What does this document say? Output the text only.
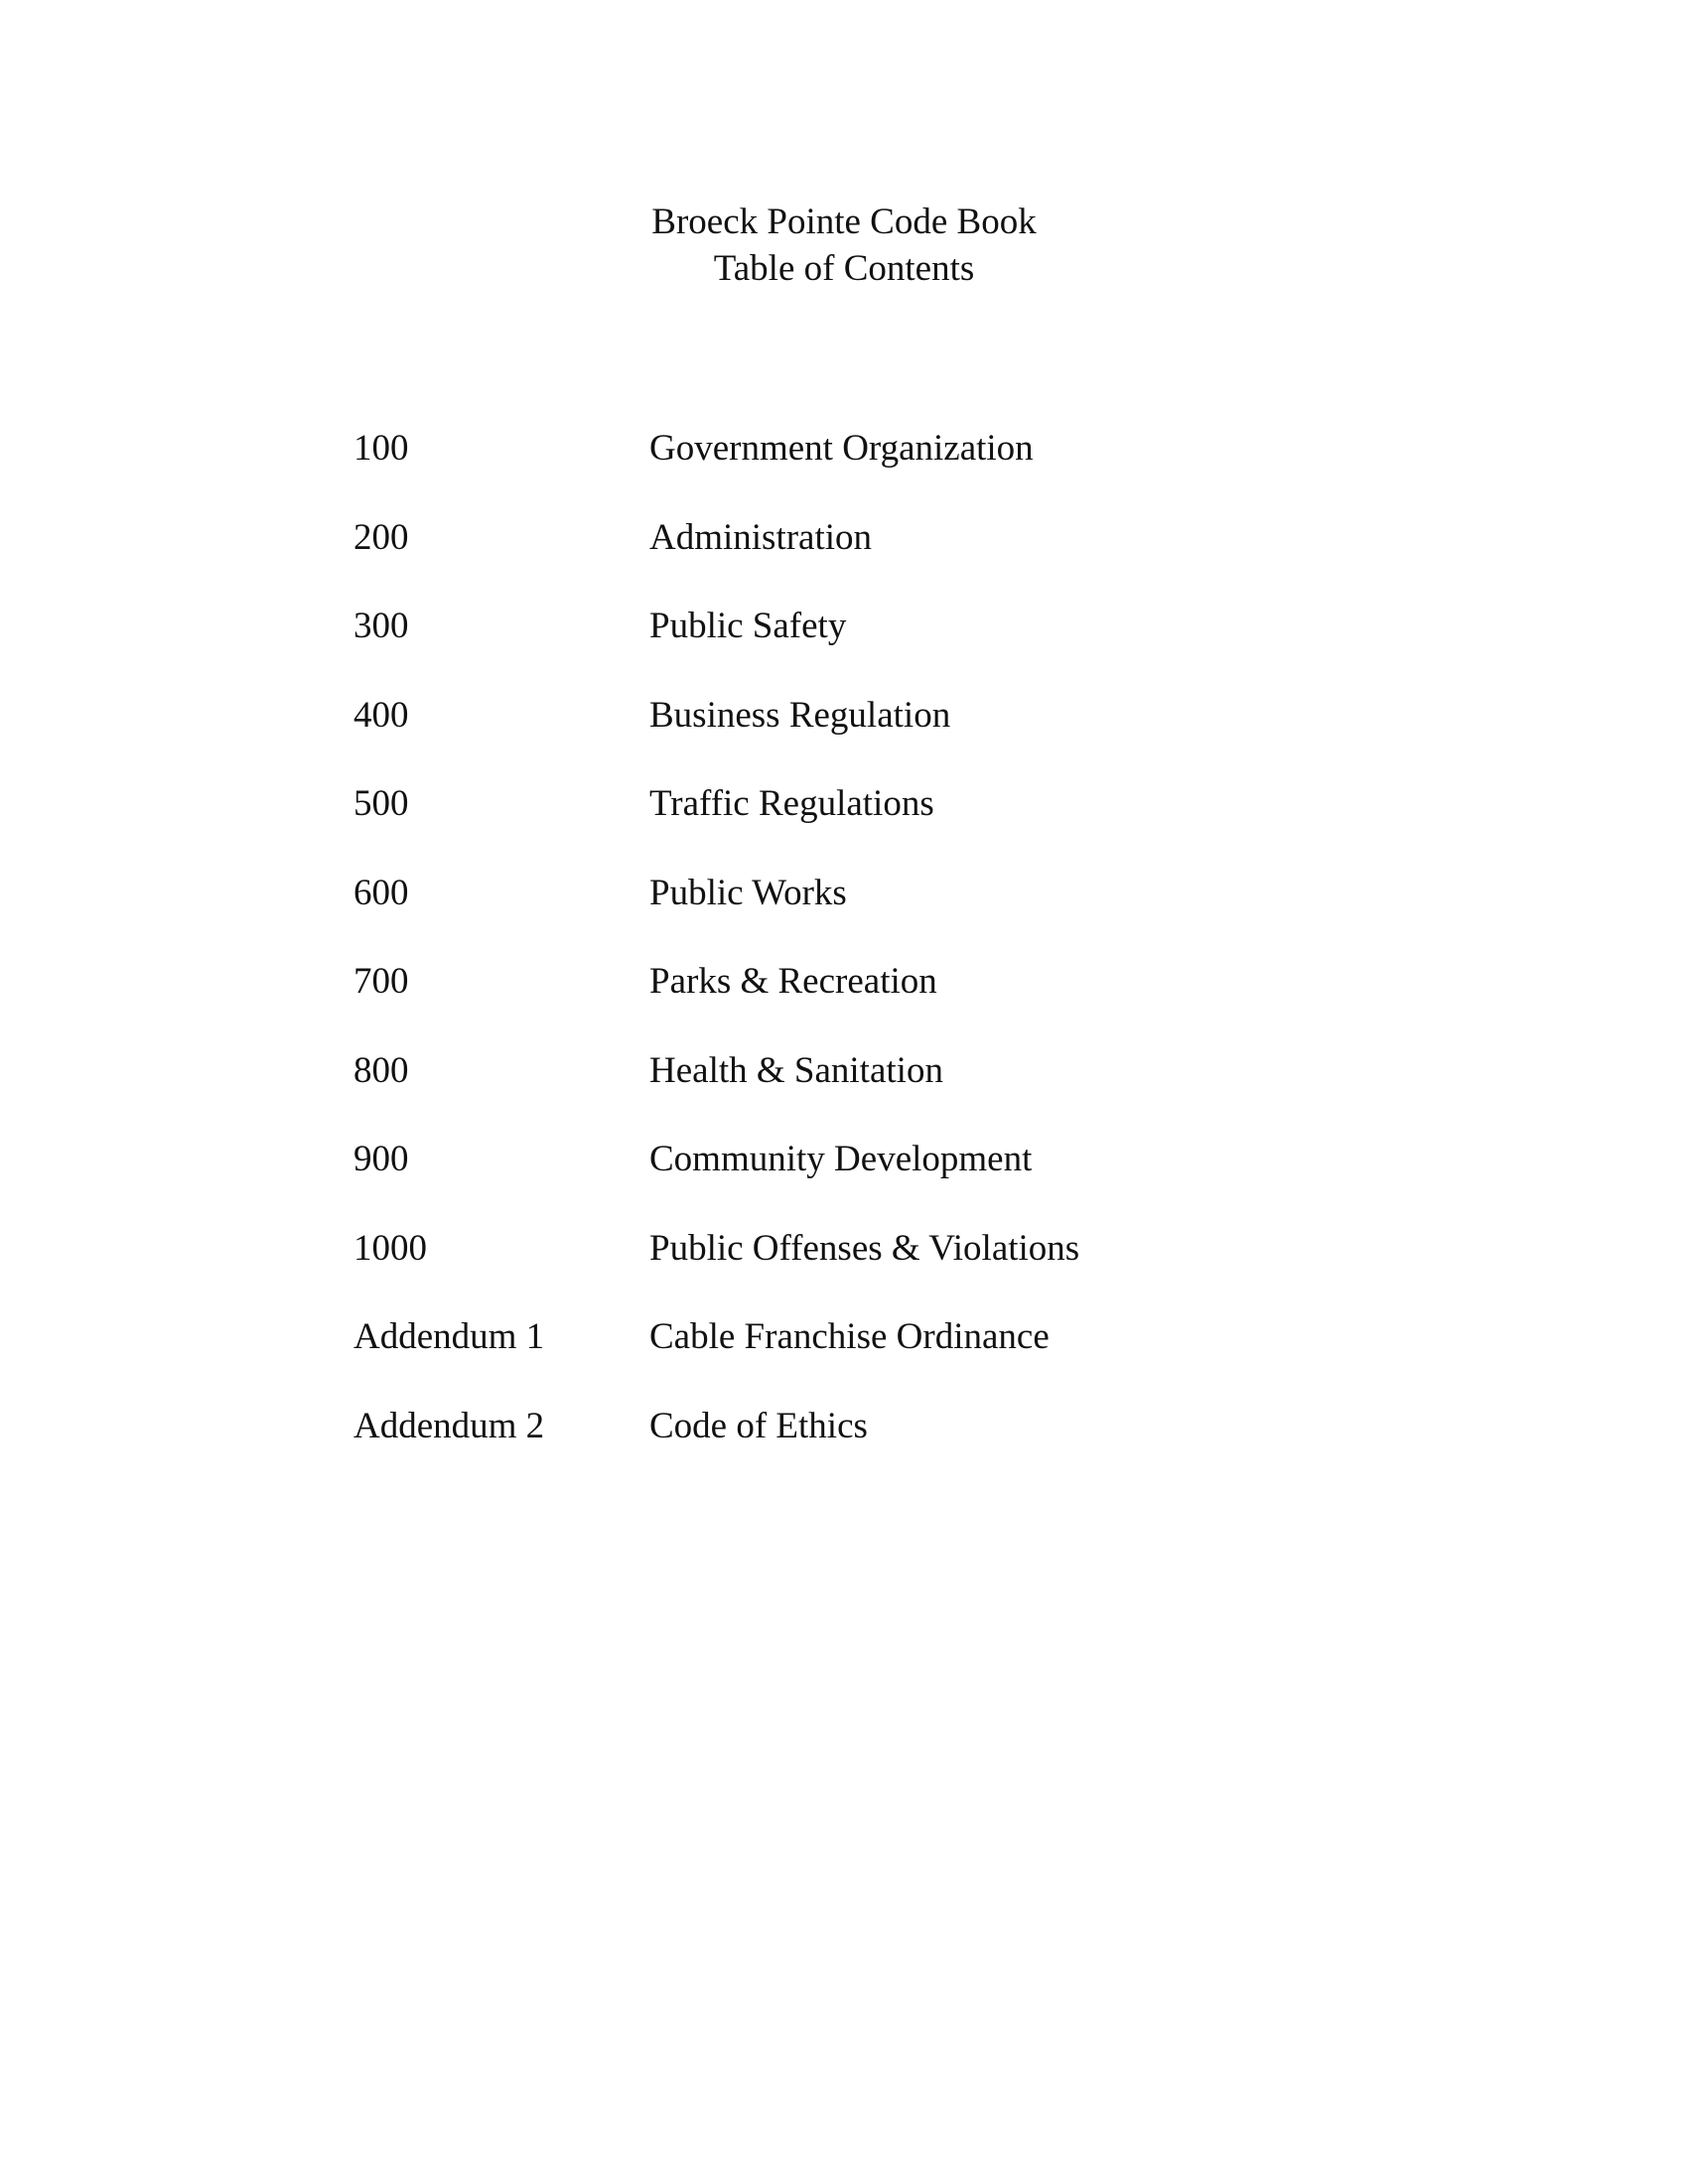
Broeck Pointe Code Book
Table of Contents
100	Government Organization
200	Administration
300	Public Safety
400	Business Regulation
500	Traffic Regulations
600	Public Works
700	Parks & Recreation
800	Health & Sanitation
900	Community Development
1000	Public Offenses & Violations
Addendum 1	Cable Franchise Ordinance
Addendum 2	Code of Ethics
